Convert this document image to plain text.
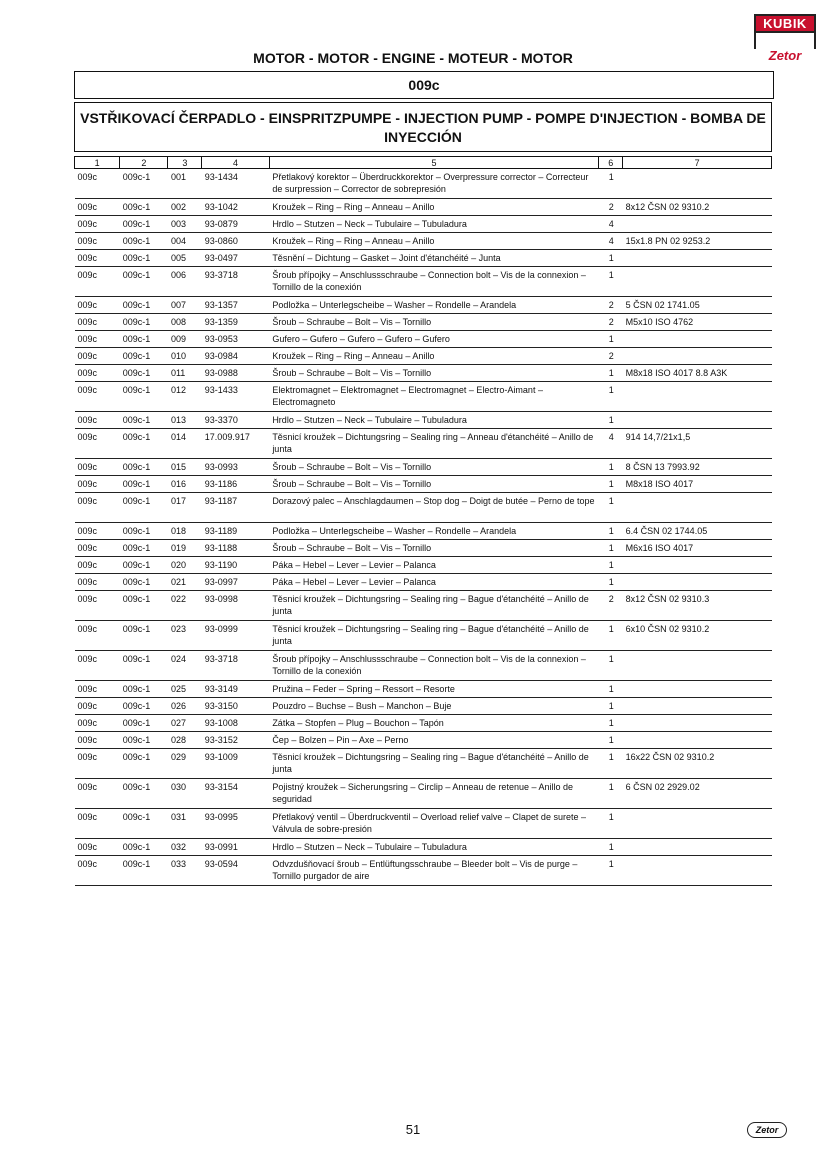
KUBIK
Zetor
MOTOR - MOTOR - ENGINE - MOTEUR - MOTOR
009c
VSTŘIKOVACÍ ČERPADLO - EINSPRITZPUMPE - INJECTION PUMP - POMPE D'INJECTION - BOMBA DE INYECCIÓN
1	2	3	4	5	6	7
009c	009c-1	001	93-1434	Přetlakový korektor – Überdruckkorektor – Overpressure corrector – Correcteur de surpression – Corrector de sobrepresión	1	
009c	009c-1	002	93-1042	Kroužek – Ring – Ring – Anneau – Anillo	2	8x12 ČSN 02 9310.2
009c	009c-1	003	93-0879	Hrdlo – Stutzen – Neck – Tubulaire – Tubuladura	4	
009c	009c-1	004	93-0860	Kroužek – Ring – Ring – Anneau – Anillo	4	15x1.8 PN 02 9253.2
009c	009c-1	005	93-0497	Těsnění – Dichtung – Gasket – Joint d'étanchéité – Junta	1	
009c	009c-1	006	93-3718	Šroub přípojky – Anschlussschraube – Connection bolt – Vis de la connexion – Tornillo de la conexión	1	
009c	009c-1	007	93-1357	Podložka – Unterlegscheibe – Washer – Rondelle – Arandela	2	5 ČSN 02 1741.05
009c	009c-1	008	93-1359	Šroub – Schraube – Bolt – Vis – Tornillo	2	M5x10 ISO 4762
009c	009c-1	009	93-0953	Gufero – Gufero – Gufero – Gufero – Gufero	1	
009c	009c-1	010	93-0984	Kroužek – Ring – Ring – Anneau – Anillo	2	
009c	009c-1	011	93-0988	Šroub – Schraube – Bolt – Vis – Tornillo	1	M8x18 ISO 4017 8.8 A3K
009c	009c-1	012	93-1433	Elektromagnet – Elektromagnet – Electromagnet – Electro-Aimant – Electromagneto	1	
009c	009c-1	013	93-3370	Hrdlo – Stutzen – Neck – Tubulaire – Tubuladura	1	
009c	009c-1	014	17.009.917	Těsnicí kroužek – Dichtungsring – Sealing ring – Anneau d'étanchéité – Anillo de junta	4	914 14,7/21x1,5
009c	009c-1	015	93-0993	Šroub – Schraube – Bolt – Vis – Tornillo	1	8 ČSN 13 7993.92
009c	009c-1	016	93-1186	Šroub – Schraube – Bolt – Vis – Tornillo	1	M8x18 ISO 4017
009c	009c-1	017	93-1187	Dorazový palec – Anschlagdaumen – Stop dog – Doigt de butée – Perno de tope	1	
009c	009c-1	018	93-1189	Podložka – Unterlegscheibe – Washer – Rondelle – Arandela	1	6.4 ČSN 02 1744.05
009c	009c-1	019	93-1188	Šroub – Schraube – Bolt – Vis – Tornillo	1	M6x16 ISO 4017
009c	009c-1	020	93-1190	Páka – Hebel – Lever – Levier – Palanca	1	
009c	009c-1	021	93-0997	Páka – Hebel – Lever – Levier – Palanca	1	
009c	009c-1	022	93-0998	Těsnicí kroužek – Dichtungsring – Sealing ring – Bague d'étanchéité – Anillo de junta	2	8x12 ČSN 02 9310.3
009c	009c-1	023	93-0999	Těsnicí kroužek – Dichtungsring – Sealing ring – Bague d'étanchéité – Anillo de junta	1	6x10 ČSN 02 9310.2
009c	009c-1	024	93-3718	Šroub přípojky – Anschlussschraube – Connection bolt – Vis de la connexion – Tornillo de la conexión	1	
009c	009c-1	025	93-3149	Pružina – Feder – Spring – Ressort – Resorte	1	
009c	009c-1	026	93-3150	Pouzdro – Buchse – Bush – Manchon – Buje	1	
009c	009c-1	027	93-1008	Zátka – Stopfen – Plug – Bouchon – Tapón	1	
009c	009c-1	028	93-3152	Čep – Bolzen – Pin – Axe – Perno	1	
009c	009c-1	029	93-1009	Těsnicí kroužek – Dichtungsring – Sealing ring – Bague d'étanchéité – Anillo de junta	1	16x22 ČSN 02 9310.2
009c	009c-1	030	93-3154	Pojistný kroužek – Sicherungsring – Circlip – Anneau de retenue – Anillo de seguridad	1	6 ČSN 02 2929.02
009c	009c-1	031	93-0995	Přetlakový ventil – Überdruckventil – Overload relief valve – Clapet de surete – Válvula de sobre-presión	1	
009c	009c-1	032	93-0991	Hrdlo – Stutzen – Neck – Tubulaire – Tubuladura	1	
009c	009c-1	033	93-0594	Odvzdušňovací šroub – Entlüftungsschraube – Bleeder bolt – Vis de purge – Tornillo purgador de aire	1	
51	Zetor
